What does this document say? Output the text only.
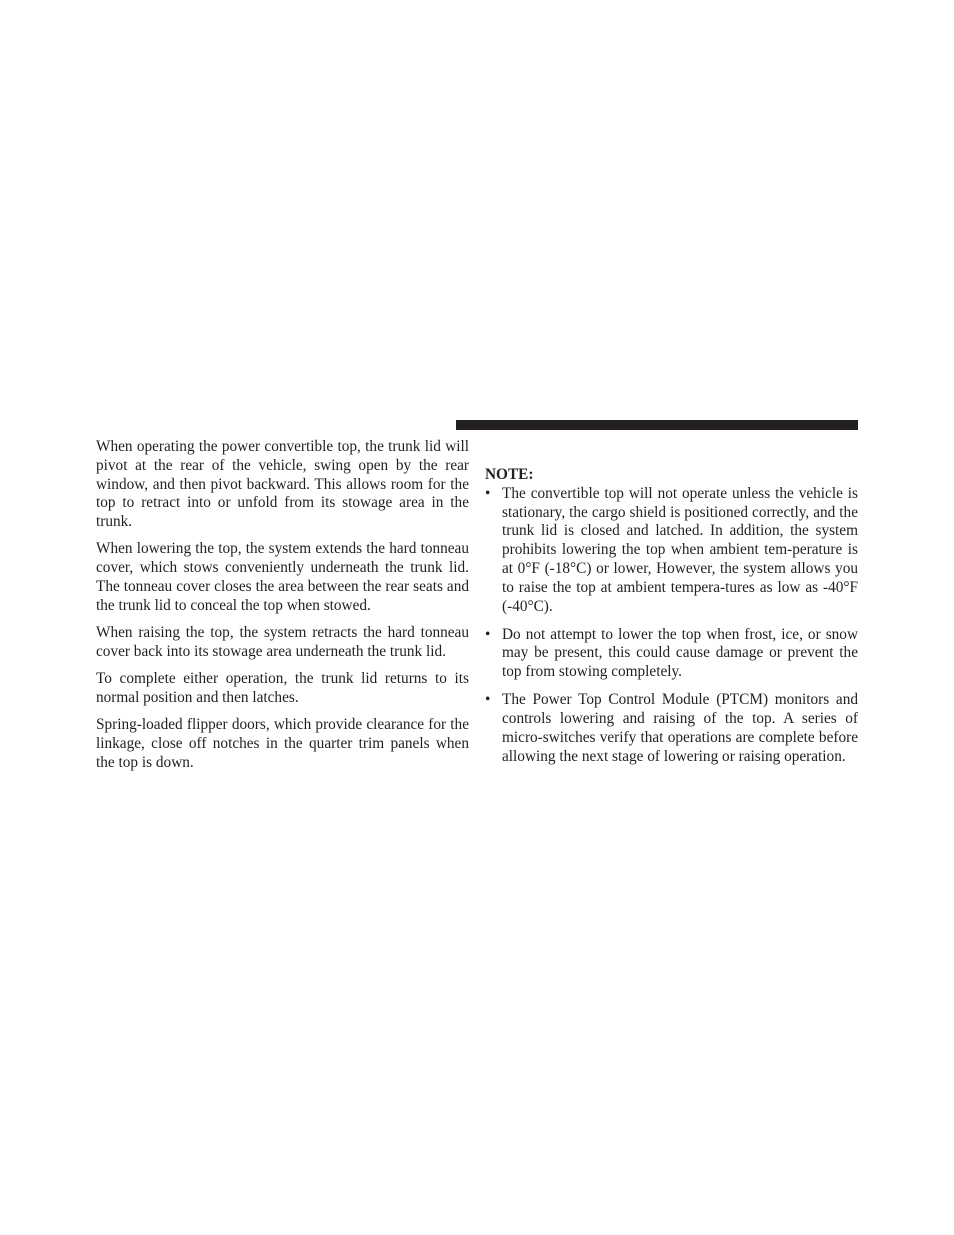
When operating the power convertible top, the trunk lid will pivot at the rear of the vehicle, swing open by the rear window, and then pivot backward. This allows room for the top to retract into or unfold from its stowage area in the trunk.

When lowering the top, the system extends the hard tonneau cover, which stows conveniently underneath the trunk lid. The tonneau cover closes the area between the rear seats and the trunk lid to conceal the top when stowed.

When raising the top, the system retracts the hard tonneau cover back into its stowage area underneath the trunk lid.

To complete either operation, the trunk lid returns to its normal position and then latches.

Spring-loaded flipper doors, which provide clearance for the linkage, close off notches in the quarter trim panels when the top is down.

NOTE:

• The convertible top will not operate unless the vehicle is stationary, the cargo shield is positioned correctly, and the trunk lid is closed and latched. In addition, the system prohibits lowering the top when ambient tem-perature is at 0°F (-18°C) or lower, However, the system allows you to raise the top at ambient tempera-tures as low as -40°F (-40°C).
• Do not attempt to lower the top when frost, ice, or snow may be present, this could cause damage or prevent the top from stowing completely.
• The Power Top Control Module (PTCM) monitors and controls lowering and raising of the top. A series of micro-switches verify that operations are complete before allowing the next stage of lowering or raising operation.
